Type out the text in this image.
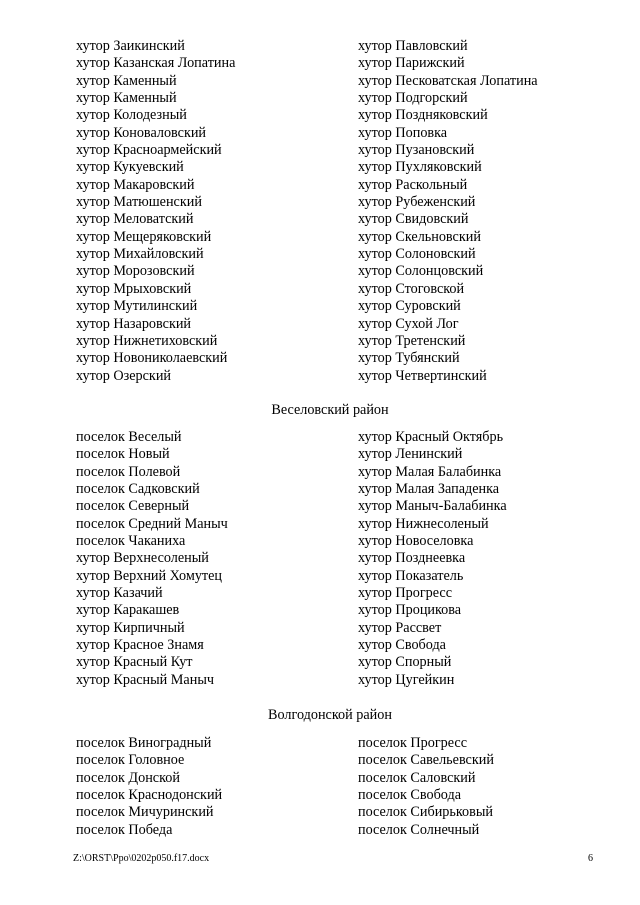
хутор Заикинский
хутор Казанская Лопатина
хутор Каменный
хутор Каменный
хутор Колодезный
хутор Коноваловский
хутор Красноармейский
хутор Кукуевский
хутор Макаровский
хутор Матюшенский
хутор Меловатский
хутор Мещеряковский
хутор Михайловский
хутор Морозовский
хутор Мрыховский
хутор Мутилинский
хутор Назаровский
хутор Нижнетиховский
хутор Новониколаевский
хутор Озерский
хутор Павловский
хутор Парижский
хутор Песковатская Лопатина
хутор Подгорский
хутор Поздняковский
хутор Поповка
хутор Пузановский
хутор Пухляковский
хутор Раскольный
хутор Рубеженский
хутор Свидовский
хутор Скельновский
хутор Солоновский
хутор Солонцовский
хутор Стоговской
хутор Суровский
хутор Сухой Лог
хутор Третенский
хутор Тубянский
хутор Четвертинский
Веселовский район
поселок Веселый
поселок Новый
поселок Полевой
поселок Садковский
поселок Северный
поселок Средний Маныч
поселок Чаканиха
хутор Верхнесоленый
хутор Верхний Хомутец
хутор Казачий
хутор Каракашев
хутор Кирпичный
хутор Красное Знамя
хутор Красный Кут
хутор Красный Маныч
хутор Красный Октябрь
хутор Ленинский
хутор Малая Балабинка
хутор Малая Западенка
хутор Маныч-Балабинка
хутор Нижнесоленый
хутор Новоселовка
хутор Позднеевка
хутор Показатель
хутор Прогресс
хутор Процикова
хутор Рассвет
хутор Свобода
хутор Спорный
хутор Цугейкин
Волгодонской район
поселок Виноградный
поселок Головное
поселок Донской
поселок Краснодонский
поселок Мичуринский
поселок Победа
поселок Прогресс
поселок Савельевский
поселок Саловский
поселок Свобода
поселок Сибирьковый
поселок Солнечный
Z:\ORST\Ppo\0202p050.f17.docx	6
